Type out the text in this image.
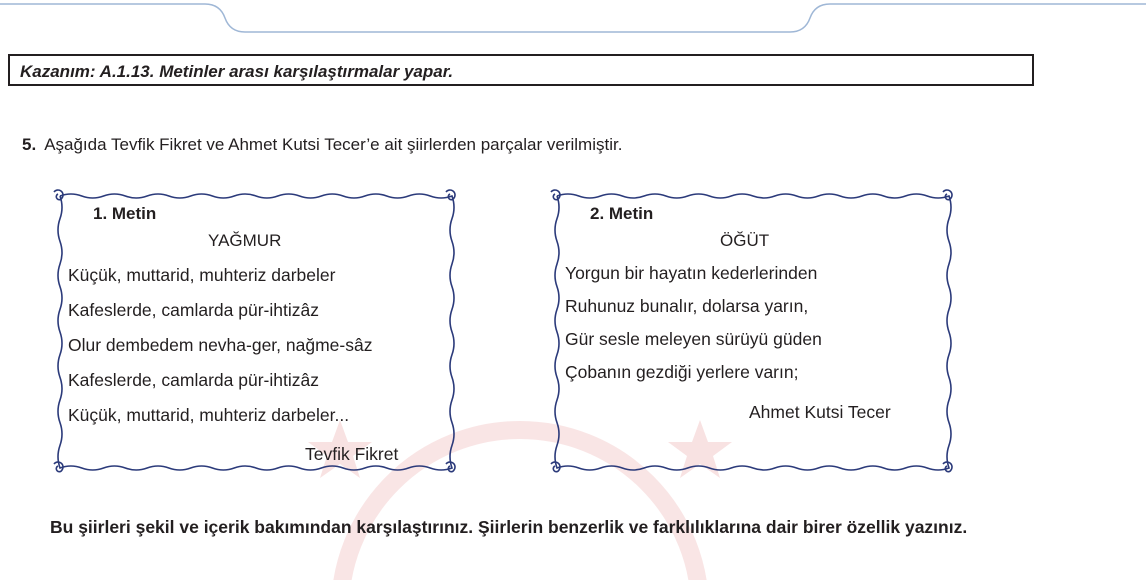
Kazanım: A.1.13. Metinler arası karşılaştırmalar yapar.
5. Aşağıda Tevfik Fikret ve Ahmet Kutsi Tecer’e ait şiirlerden parçalar verilmiştir.
1. Metin
YAĞMUR
Küçük, muttarid, muhteriz darbeler
Kafeslerde, camlarda pür-ihtizâz
Olur dembedem nevha-ger, nağme-sâz
Kafeslerde, camlarda pür-ihtizâz
Küçük, muttarid, muhteriz darbeler...
Tevfik Fikret
2. Metin
ÖĞÜT
Yorgun bir hayatın kederlerinden
Ruhunuz bunalır, dolarsa yarın,
Gür sesle meleyen sürüyü güden
Çobanın gezdiği yerlere varın;
Ahmet Kutsi Tecer
Bu şiirleri şekil ve içerik bakımından karşılaştırınız. Şiirlerin benzerlik ve farklılıklarına dair birer özellik yazınız.
